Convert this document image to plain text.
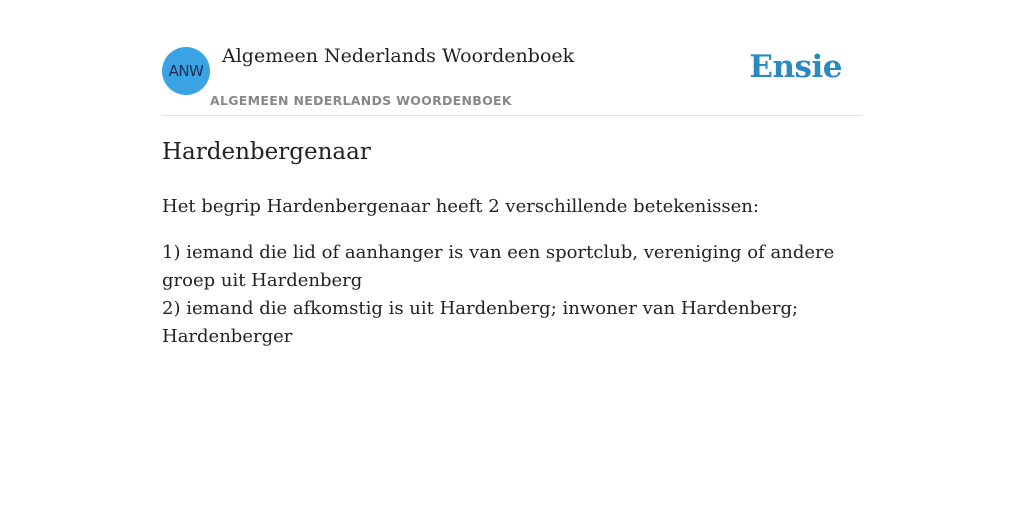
ANW
Algemeen Nederlands Woordenboek
ALGEMEEN NEDERLANDS WOORDENBOEK
Ensie
Hardenbergenaar

Het begrip Hardenbergenaar heeft 2 verschillende betekenissen:

1) iemand die lid of aanhanger is van een sportclub, vereniging of andere groep uit Hardenberg

2) iemand die afkomstig is uit Hardenberg; inwoner van Hardenberg; Hardenberger
